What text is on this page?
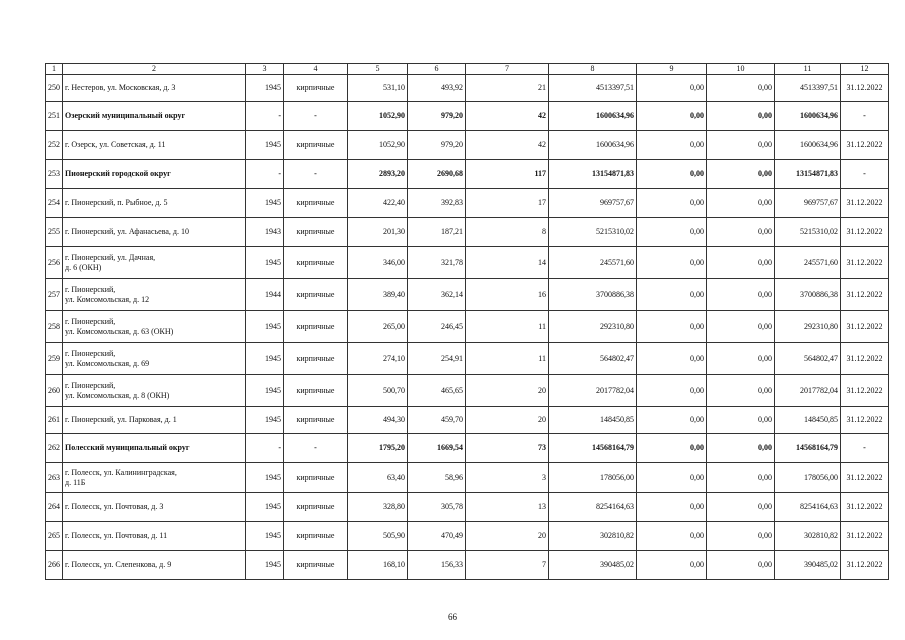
1	2	3	4	5	6	7	8	9	10	11	12
250	г. Нестеров, ул. Московская, д. 3	1945	кирпичные	531,10	493,92	21	4513397,51	0,00	0,00	4513397,51	31.12.2022
251	Озерский муниципальный округ	-	-	1052,90	979,20	42	1600634,96	0,00	0,00	1600634,96	-
252	г. Озерск, ул. Советская, д. 11	1945	кирпичные	1052,90	979,20	42	1600634,96	0,00	0,00	1600634,96	31.12.2022
253	Пионерский городской округ	-	-	2893,20	2690,68	117	13154871,83	0,00	0,00	13154871,83	-
254	г. Пионерский, п. Рыбное, д. 5	1945	кирпичные	422,40	392,83	17	969757,67	0,00	0,00	969757,67	31.12.2022
255	г. Пионерский, ул. Афанасьева, д. 10	1943	кирпичные	201,30	187,21	8	5215310,02	0,00	0,00	5215310,02	31.12.2022
256	г. Пионерский, ул. Дачная,
д. 6 (ОКН)	1945	кирпичные	346,00	321,78	14	245571,60	0,00	0,00	245571,60	31.12.2022
257	г. Пионерский,
ул. Комсомольская, д. 12	1944	кирпичные	389,40	362,14	16	3700886,38	0,00	0,00	3700886,38	31.12.2022
258	г. Пионерский,
ул. Комсомольская, д. 63 (ОКН)	1945	кирпичные	265,00	246,45	11	292310,80	0,00	0,00	292310,80	31.12.2022
259	г. Пионерский,
ул. Комсомольская, д. 69	1945	кирпичные	274,10	254,91	11	564802,47	0,00	0,00	564802,47	31.12.2022
260	г. Пионерский,
ул. Комсомольская, д. 8 (ОКН)	1945	кирпичные	500,70	465,65	20	2017782,04	0,00	0,00	2017782,04	31.12.2022
261	г. Пионерский, ул. Парковая, д. 1	1945	кирпичные	494,30	459,70	20	148450,85	0,00	0,00	148450,85	31.12.2022
262	Полесский муниципальный округ	-	-	1795,20	1669,54	73	14568164,79	0,00	0,00	14568164,79	-
263	г. Полесск, ул. Калининградская,
д. 11Б	1945	кирпичные	63,40	58,96	3	178056,00	0,00	0,00	178056,00	31.12.2022
264	г. Полесск, ул. Почтовая, д. 3	1945	кирпичные	328,80	305,78	13	8254164,63	0,00	0,00	8254164,63	31.12.2022
265	г. Полесск, ул. Почтовая, д. 11	1945	кирпичные	505,90	470,49	20	302810,82	0,00	0,00	302810,82	31.12.2022
266	г. Полесск, ул. Слепенкова, д. 9	1945	кирпичные	168,10	156,33	7	390485,02	0,00	0,00	390485,02	31.12.2022
66
